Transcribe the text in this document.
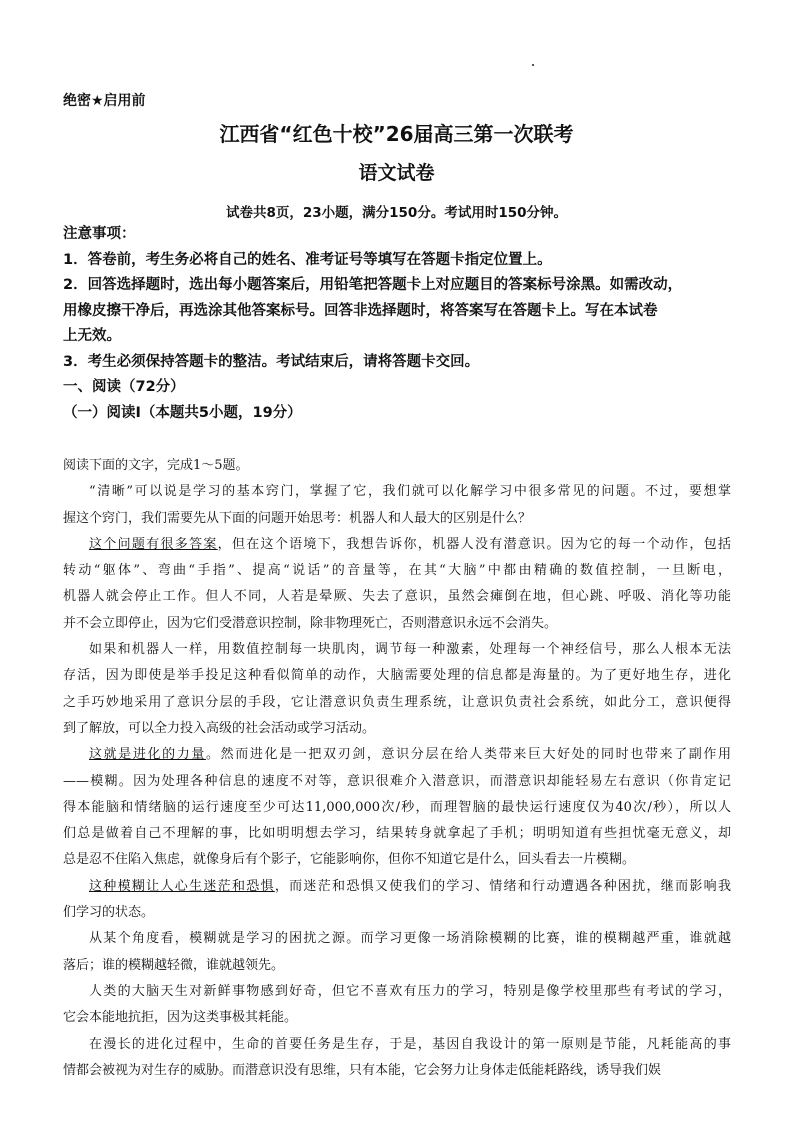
绝密★启用前
江西省“红色十校”26届高三第一次联考
语文试卷
试卷共8页，23小题，满分150分。考试用时150分钟。
注意事项：
1．答卷前，考生务必将自己的姓名、准考证号等填写在答题卡指定位置上。
2．回答选择题时，选出每小题答案后，用铅笔把答题卡上对应题目的答案标号涂黑。如需改动，
用橡皮擦干净后，再选涂其他答案标号。回答非选择题时，将答案写在答题卡上。写在本试卷
上无效。
3．考生必须保持答题卡的整洁。考试结束后，请将答题卡交回。
一、阅读（72分）
（一）阅读Ⅰ（本题共5小题，19分）
阅读下面的文字，完成1～5题。
“清晰”可以说是学习的基本窍门，掌握了它，我们就可以化解学习中很多常见的问题。不过，要想掌
握这个窍门，我们需要先从下面的问题开始思考：机器人和人最大的区别是什么？
这个问题有很多答案，但在这个语境下，我想告诉你，机器人没有潜意识。因为它的每一个动作，包括
转动“躯体”、弯曲“手指”、提高“说话”的音量等，在其“大脑”中都由精确的数值控制，一旦断电，
机器人就会停止工作。但人不同，人若是晕厥、失去了意识，虽然会瘫倒在地，但心跳、呼吸、消化等功能
并不会立即停止，因为它们受潜意识控制，除非物理死亡，否则潜意识永远不会消失。
如果和机器人一样，用数值控制每一块肌肉，调节每一种激素，处理每一个神经信号，那么人根本无法
存活，因为即使是举手投足这种看似简单的动作，大脑需要处理的信息都是海量的。为了更好地生存，进化
之手巧妙地采用了意识分层的手段，它让潜意识负责生理系统，让意识负责社会系统，如此分工，意识便得
到了解放，可以全力投入高级的社会活动或学习活动。
这就是进化的力量。然而进化是一把双刃剑，意识分层在给人类带来巨大好处的同时也带来了副作用
——模糊。因为处理各种信息的速度不对等，意识很难介入潜意识，而潜意识却能轻易左右意识（你肯定记
得本能脑和情绪脑的运行速度至少可达11,000,000次/秒，而理智脑的最快运行速度仅为40次/秒），所以人
们总是做着自己不理解的事，比如明明想去学习，结果转身就拿起了手机；明明知道有些担忧毫无意义，却
总是忍不住陷入焦虑，就像身后有个影子，它能影响你，但你不知道它是什么，回头看去一片模糊。
这种模糊让人心生迷茫和恐惧，而迷茫和恐惧又使我们的学习、情绪和行动遭遇各种困扰，继而影响我
们学习的状态。
从某个角度看，模糊就是学习的困扰之源。而学习更像一场消除模糊的比赛，谁的模糊越严重，谁就越
落后；谁的模糊越轻微，谁就越领先。
人类的大脑天生对新鲜事物感到好奇，但它不喜欢有压力的学习，特别是像学校里那些有考试的学习，
它会本能地抗拒，因为这类事极其耗能。
在漫长的进化过程中，生命的首要任务是生存，于是，基因自我设计的第一原则是节能，凡耗能高的事
情都会被视为对生存的威胁。而潜意识没有思维，只有本能，它会努力让身体走低能耗路线，诱导我们娱
